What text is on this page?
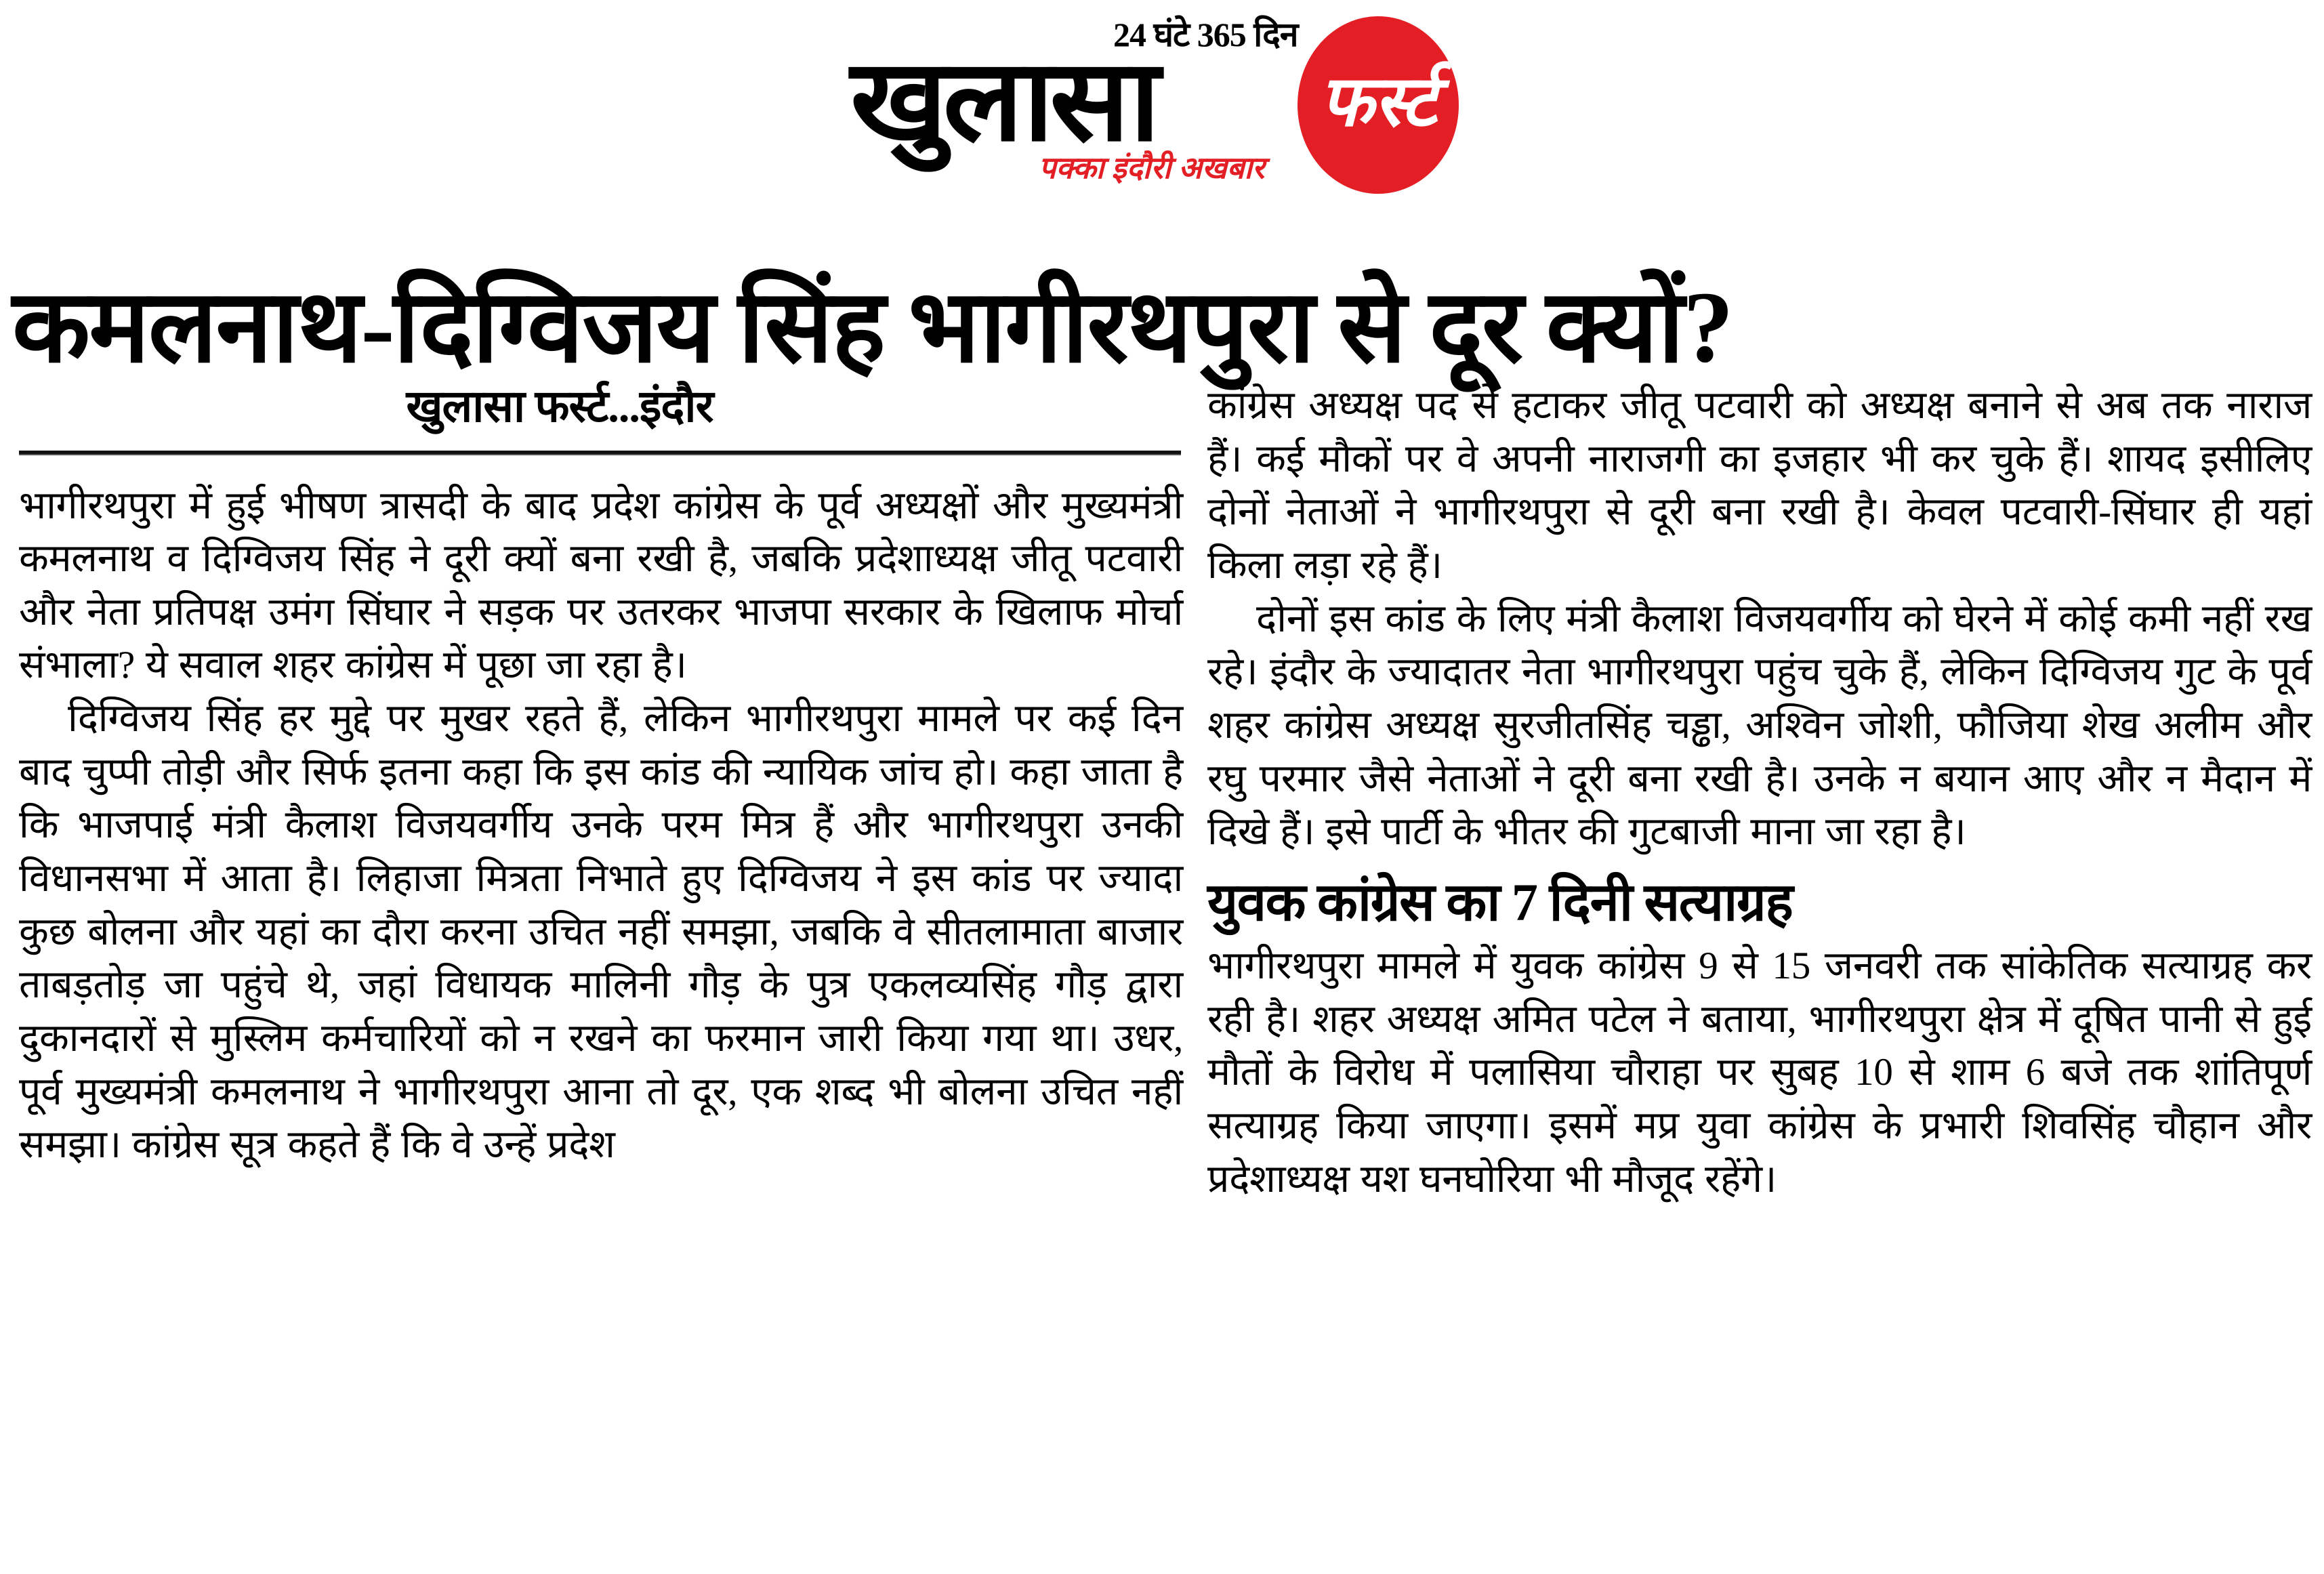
24 घंटे 365 दिन
खुलासा
पक्का इंदौरी अखबार
फर्स्ट
कमलनाथ-दिग्विजय सिंह भागीरथपुरा से दूर क्यों?
खुलासा फर्स्ट...इंदौर

भागीरथपुरा में हुई भीषण त्रासदी के बाद प्रदेश कांग्रेस के पूर्व अध्यक्षों और मुख्यमंत्री कमलनाथ व दिग्विजय सिंह ने दूरी क्यों बना रखी है, जबकि प्रदेशाध्यक्ष जीतू पटवारी और नेता प्रतिपक्ष उमंग सिंघार ने सड़क पर उतरकर भाजपा सरकार के खिलाफ मोर्चा संभाला? ये सवाल शहर कांग्रेस में पूछा जा रहा है।

दिग्विजय सिंह हर मुद्दे पर मुखर रहते हैं, लेकिन भागीरथपुरा मामले पर कई दिन बाद चुप्पी तोड़ी और सिर्फ इतना कहा कि इस कांड की न्यायिक जांच हो। कहा जाता है कि भाजपाई मंत्री कैलाश विजयवर्गीय उनके परम मित्र हैं और भागीरथपुरा उनकी विधानसभा में आता है। लिहाजा मित्रता निभाते हुए दिग्विजय ने इस कांड पर ज्यादा कुछ बोलना और यहां का दौरा करना उचित नहीं समझा, जबकि वे सीतलामाता बाजार ताबड़तोड़ जा पहुंचे थे, जहां विधायक मालिनी गौड़ के पुत्र एकलव्यसिंह गौड़ द्वारा दुकानदारों से मुस्लिम कर्मचारियों को न रखने का फरमान जारी किया गया था। उधर, पूर्व मुख्यमंत्री कमलनाथ ने भागीरथपुरा आना तो दूर, एक शब्द भी बोलना उचित नहीं समझा। कांग्रेस सूत्र कहते हैं कि वे उन्हें प्रदेश

कांग्रेस अध्यक्ष पद से हटाकर जीतू पटवारी को अध्यक्ष बनाने से अब तक नाराज हैं। कई मौकों पर वे अपनी नाराजगी का इजहार भी कर चुके हैं। शायद इसीलिए दोनों नेताओं ने भागीरथपुरा से दूरी बना रखी है। केवल पटवारी-सिंघार ही यहां किला लड़ा रहे हैं।

दोनों इस कांड के लिए मंत्री कैलाश विजयवर्गीय को घेरने में कोई कमी नहीं रख रहे। इंदौर के ज्यादातर नेता भागीरथपुरा पहुंच चुके हैं, लेकिन दिग्विजय गुट के पूर्व शहर कांग्रेस अध्यक्ष सुरजीतसिंह चड्ढा, अश्विन जोशी, फौजिया शेख अलीम और रघु परमार जैसे नेताओं ने दूरी बना रखी है। उनके न बयान आए और न मैदान में दिखे हैं। इसे पार्टी के भीतर की गुटबाजी माना जा रहा है।

युवक कांग्रेस का 7 दिनी सत्याग्रह

भागीरथपुरा मामले में युवक कांग्रेस 9 से 15 जनवरी तक सांकेतिक सत्याग्रह कर रही है। शहर अध्यक्ष अमित पटेल ने बताया, भागीरथपुरा क्षेत्र में दूषित पानी से हुई मौतों के विरोध में पलासिया चौराहा पर सुबह 10 से शाम 6 बजे तक शांतिपूर्ण सत्याग्रह किया जाएगा। इसमें मप्र युवा कांग्रेस के प्रभारी शिवसिंह चौहान और प्रदेशाध्यक्ष यश घनघोरिया भी मौजूद रहेंगे।
